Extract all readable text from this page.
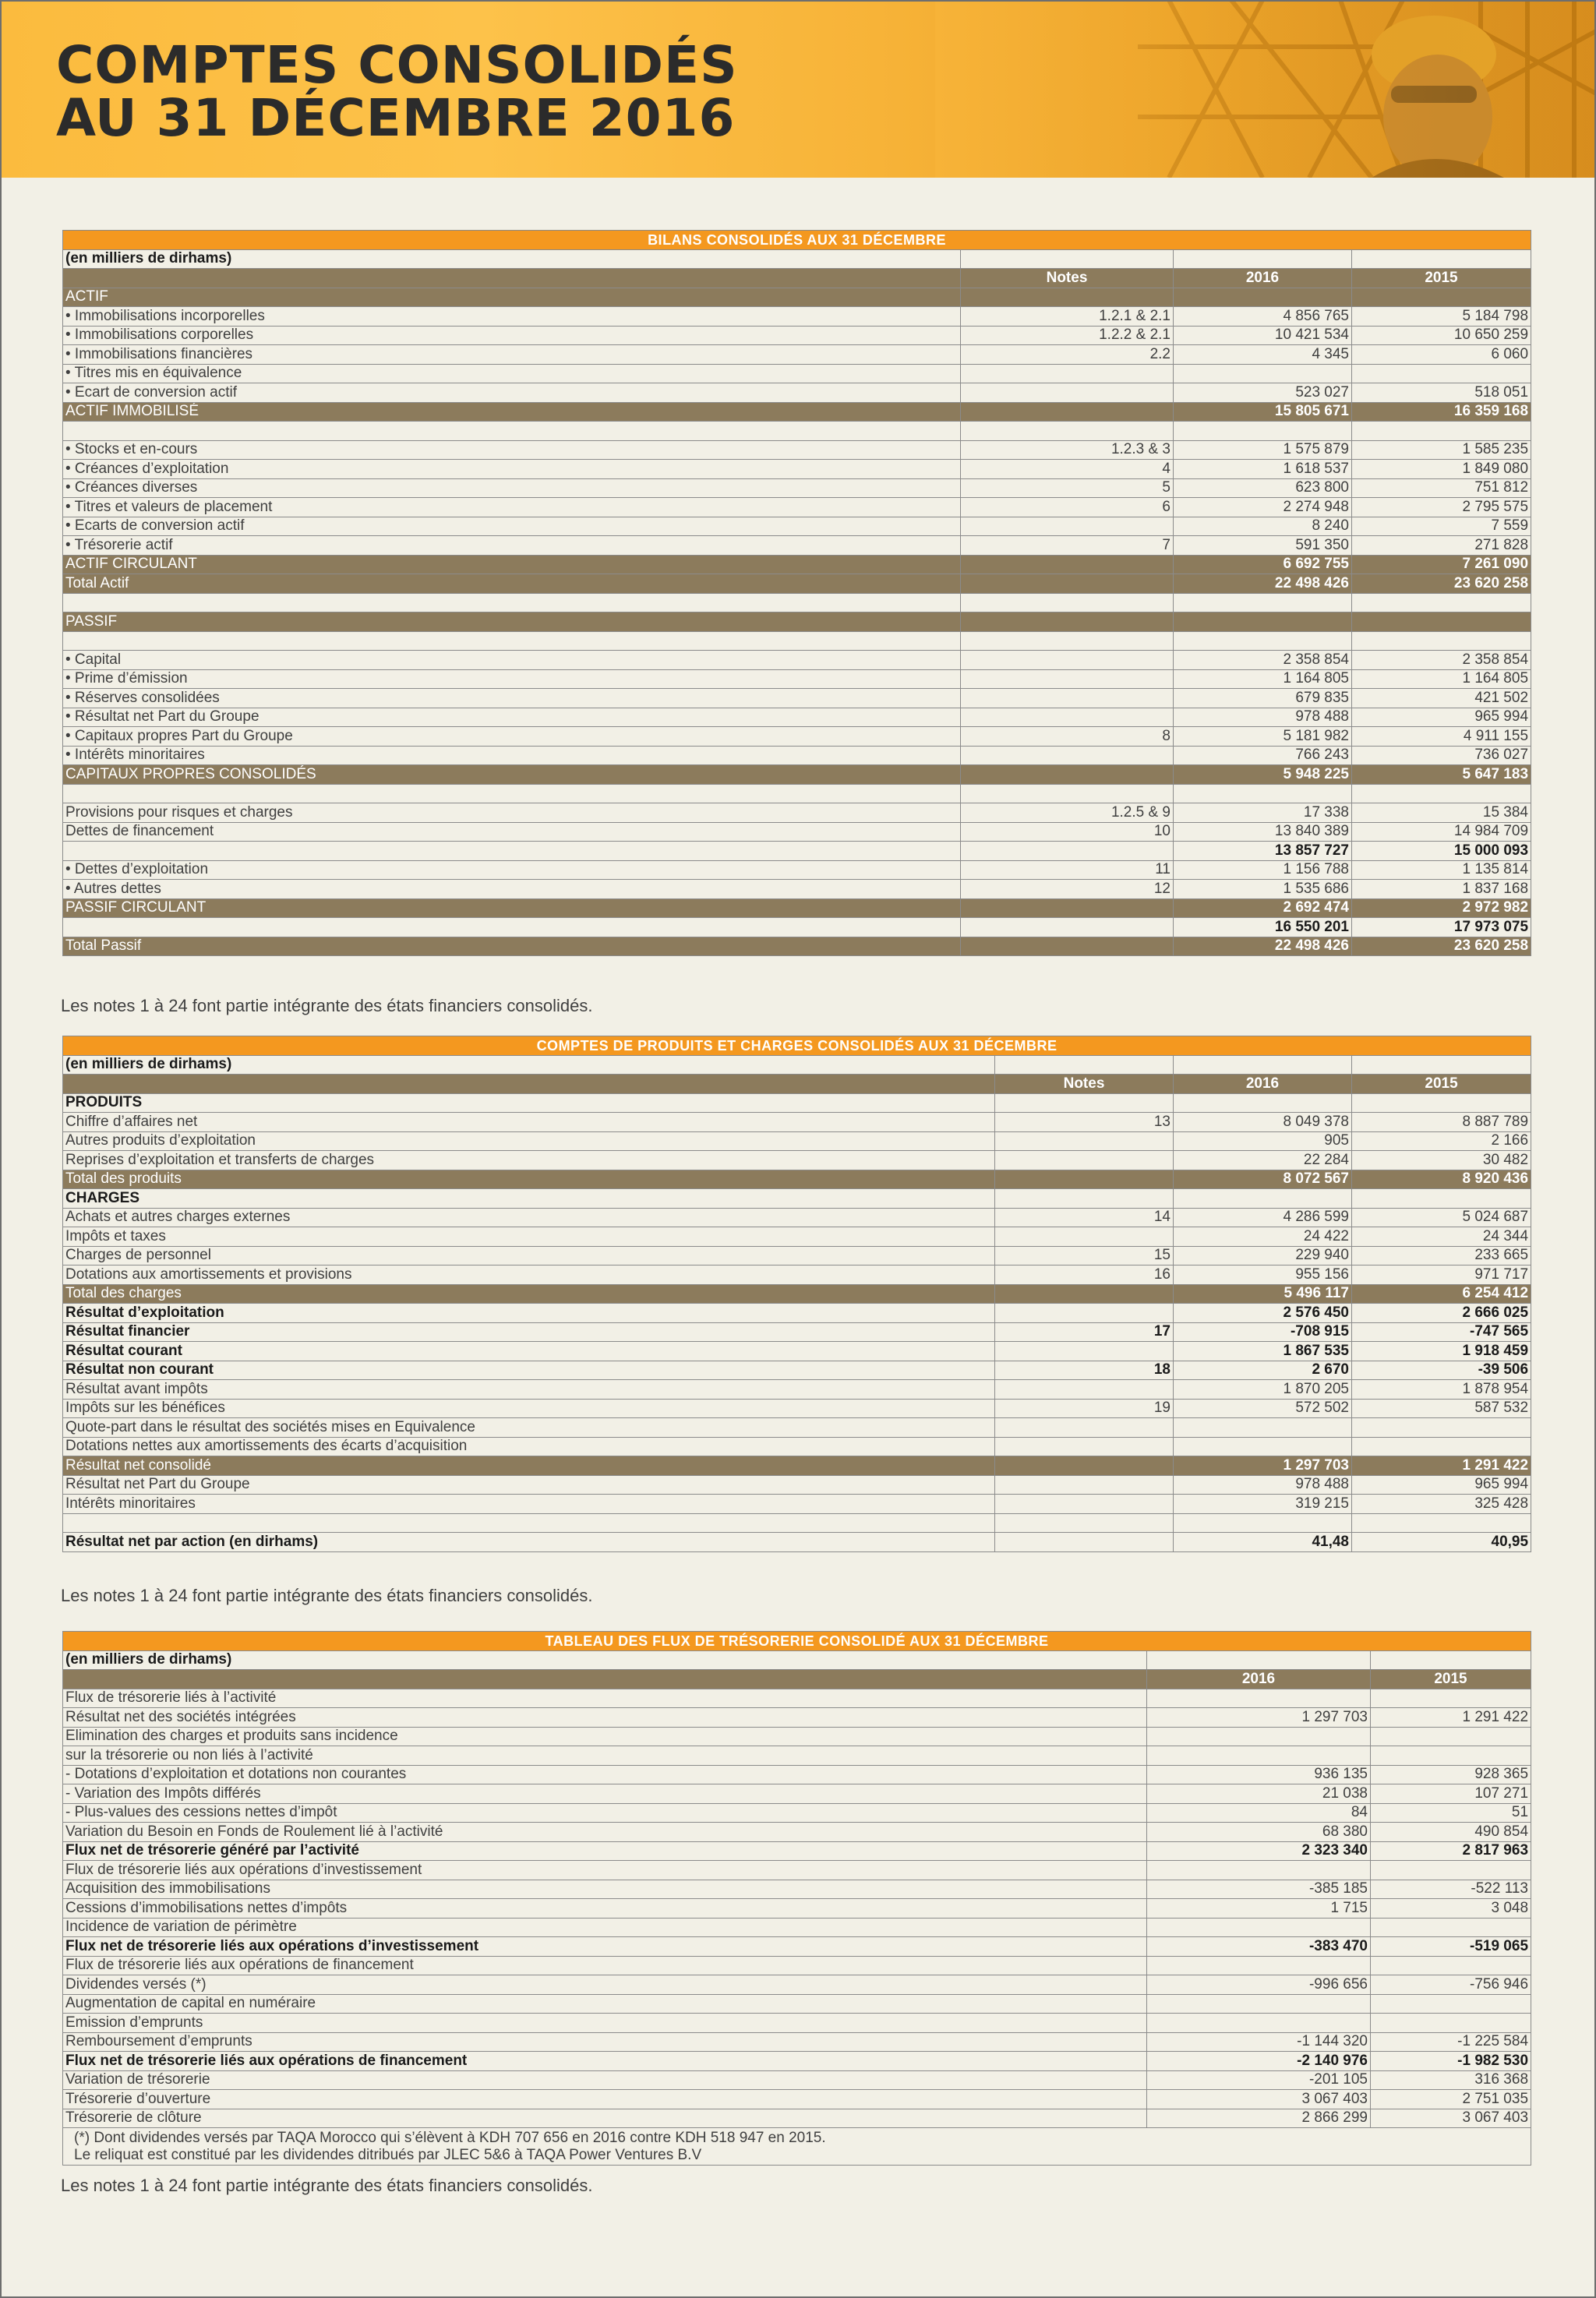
COMPTES CONSOLIDÉS
AU 31 DÉCEMBRE 2016
BILANS CONSOLIDÉS AUX 31 DÉCEMBRE			
(en milliers de dirhams)			
	Notes	2016	2015
ACTIF			
• Immobilisations incorporelles	1.2.1 & 2.1	4 856 765	5 184 798
• Immobilisations corporelles	1.2.2 & 2.1	10 421 534	10 650 259
• Immobilisations financières	2.2	4 345	6 060
• Titres mis en équivalence			
• Ecart de conversion actif		523 027	518 051
ACTIF IMMOBILISÉ		15 805 671	16 359 168

• Stocks et en-cours	1.2.3 & 3	1 575 879	1 585 235
• Créances d’exploitation	4	1 618 537	1 849 080
• Créances diverses	5	623 800	751 812
• Titres et valeurs de placement	6	2 274 948	2 795 575
• Ecarts de conversion actif		8 240	7 559
• Trésorerie actif	7	591 350	271 828
ACTIF CIRCULANT		6 692 755	7 261 090
Total Actif		22 498 426	23 620 258

PASSIF			

• Capital		2 358 854	2 358 854
• Prime d’émission		1 164 805	1 164 805
• Réserves consolidées		679 835	421 502
• Résultat net Part du Groupe		978 488	965 994
• Capitaux propres Part du Groupe	8	5 181 982	4 911 155
• Intérêts minoritaires		766 243	736 027
CAPITAUX PROPRES CONSOLIDÉS		5 948 225	5 647 183

Provisions pour risques et charges	1.2.5 & 9	17 338	15 384
Dettes de financement	10	13 840 389	14 984 709
		13 857 727	15 000 093
• Dettes d’exploitation	11	1 156 788	1 135 814
• Autres dettes	12	1 535 686	1 837 168
PASSIF CIRCULANT		2 692 474	2 972 982
		16 550 201	17 973 075
Total Passif		22 498 426	23 620 258
Les notes 1 à 24 font partie intégrante des états financiers consolidés.
COMPTES DE PRODUITS ET CHARGES CONSOLIDÉS AUX 31 DÉCEMBRE			
(en milliers de dirhams)			
	Notes	2016	2015
PRODUITS			
Chiffre d’affaires net	13	8 049 378	8 887 789
Autres produits d’exploitation		905	2 166
Reprises d’exploitation et transferts de charges		22 284	30 482
Total des produits		8 072 567	8 920 436
CHARGES			
Achats et autres charges externes	14	4 286 599	5 024 687
Impôts et taxes		24 422	24 344
Charges de personnel	15	229 940	233 665
Dotations aux amortissements et provisions	16	955 156	971 717
Total des charges		5 496 117	6 254 412
Résultat d’exploitation		2 576 450	2 666 025
Résultat financier	17	-708 915	-747 565
Résultat courant		1 867 535	1 918 459
Résultat non courant	18	2 670	-39 506
Résultat avant impôts		1 870 205	1 878 954
Impôts sur les bénéfices	19	572 502	587 532
Quote-part dans le résultat des sociétés mises en Equivalence			
Dotations nettes aux amortissements des écarts d’acquisition			
Résultat net consolidé		1 297 703	1 291 422
Résultat net Part du Groupe		978 488	965 994
Intérêts minoritaires		319 215	325 428

Résultat net par action (en dirhams)		41,48	40,95
Les notes 1 à 24 font partie intégrante des états financiers consolidés.
TABLEAU DES FLUX DE TRÉSORERIE CONSOLIDÉ AUX 31 DÉCEMBRE		
(en milliers de dirhams)		
	2016	2015
Flux de trésorerie liés à l’activité		
Résultat net des sociétés intégrées	1 297 703	1 291 422
Elimination des charges et produits sans incidence		
sur la trésorerie ou non liés à l’activité		
- Dotations d’exploitation et dotations non courantes	936 135	928 365
- Variation des Impôts différés	21 038	107 271
- Plus-values des cessions nettes d’impôt	84	51
Variation du Besoin en Fonds de Roulement lié à l’activité	68 380	490 854
Flux net de trésorerie généré par l’activité	2 323 340	2 817 963
Flux de trésorerie liés aux opérations d’investissement		
Acquisition des immobilisations	-385 185	-522 113
Cessions d’immobilisations nettes d’impôts	1 715	3 048
Incidence de variation de périmètre		
Flux net de trésorerie liés aux opérations d’investissement	-383 470	-519 065
Flux de trésorerie liés aux opérations de financement		
Dividendes versés (*)	-996 656	-756 946
Augmentation de capital en numéraire		
Emission d’emprunts		
Remboursement d’emprunts	-1 144 320	-1 225 584
Flux net de trésorerie liés aux opérations de financement	-2 140 976	-1 982 530
Variation de trésorerie	-201 105	316 368
Trésorerie d’ouverture	3 067 403	2 751 035
Trésorerie de clôture	2 866 299	3 067 403

(*) Dont dividendes versés par TAQA Morocco qui s’élèvent à KDH 707 656 en 2016 contre KDH 518 947 en 2015.
Le reliquat est constitué par les dividendes ditribués par JLEC 5&6 à TAQA Power Ventures B.V		
Les notes 1 à 24 font partie intégrante des états financiers consolidés.
